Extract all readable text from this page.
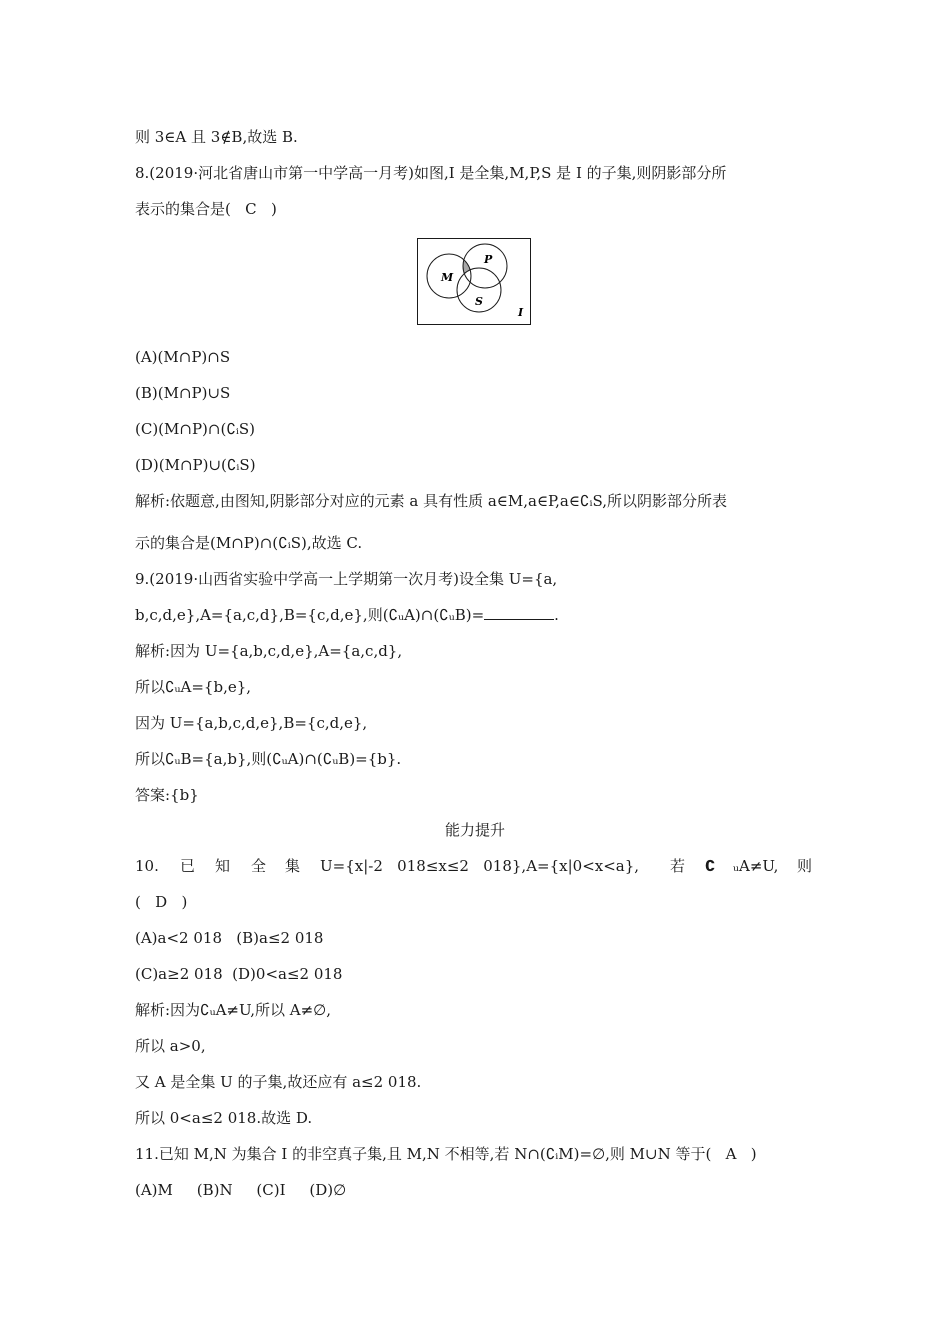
则 3∈A 且 3∉B,故选 B.
8.(2019·河北省唐山市第一中学高一月考)如图,I 是全集,M,P,S 是 I 的子集,则阴影部分所
表示的集合是(   C   )
M
P
S
I
(A)(M∩P)∩S
(B)(M∩P)∪S
(C)(M∩P)∩(∁ᵢS)
(D)(M∩P)∪(∁ᵢS)
解析:依题意,由图知,阴影部分对应的元素 a 具有性质 a∈M,a∈P,a∈∁ᵢS,所以阴影部分所表
示的集合是(M∩P)∩(∁ᵢS),故选 C.
9.(2019·山西省实验中学高一上学期第一次月考)设全集 U={a,
b,c,d,e},A={a,c,d},B={c,d,e},则(∁ᵤA)∩(∁ᵤB)=	.
解析:因为 U={a,b,c,d,e},A={a,c,d},
所以∁ᵤA={b,e},
因为 U={a,b,c,d,e},B={c,d,e},
所以∁ᵤB={a,b},则(∁ᵤA)∩(∁ᵤB)={b}.
答案:{b}
能力提升
10. 已 知 全 集 U={x|-2   018≤x≤2   018},A={x|0<x<a}, 若 ∁ ᵤA≠U, 则
(   D   )
(A)a<2 018   (B)a≤2 018
(C)a≥2 018  (D)0<a≤2 018
解析:因为∁ᵤA≠U,所以 A≠∅,
所以 a>0,
又 A 是全集 U 的子集,故还应有 a≤2 018.
所以 0<a≤2 018.故选 D.
11.已知 M,N 为集合 I 的非空真子集,且 M,N 不相等,若 N∩(∁ᵢM)=∅,则 M∪N 等于(   A   )
(A)M     (B)N     (C)I     (D)∅
